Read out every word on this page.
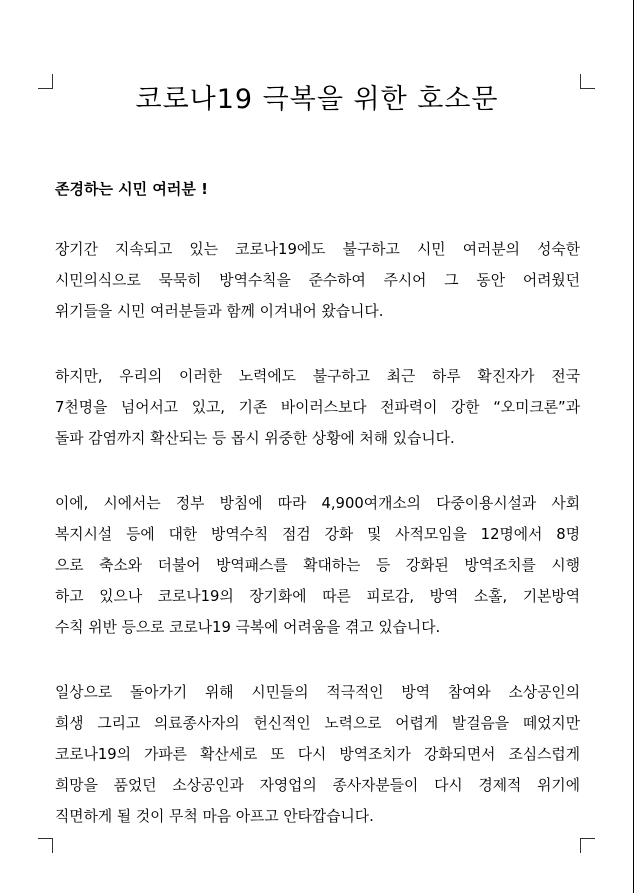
코로나19 극복을 위한 호소문
존경하는 시민 여러분 !
장기간 지속되고 있는 코로나19에도 불구하고 시민 여러분의 성숙한
시민의식으로 묵묵히 방역수칙을 준수하여 주시어 그 동안 어려웠던
위기들을 시민 여러분들과 함께 이겨내어 왔습니다.
하지만, 우리의 이러한 노력에도 불구하고 최근 하루 확진자가 전국
7천명을 넘어서고 있고, 기존 바이러스보다 전파력이 강한 “오미크론”과
돌파 감염까지 확산되는 등 몹시 위중한 상황에 처해 있습니다.
이에, 시에서는 정부 방침에 따라 4,900여개소의 다중이용시설과 사회
복지시설 등에 대한 방역수칙 점검 강화 및 사적모임을 12명에서 8명
으로 축소와 더불어 방역패스를 확대하는 등 강화된 방역조치를 시행
하고 있으나 코로나19의 장기화에 따른 피로감, 방역 소홀, 기본방역
수칙 위반 등으로 코로나19 극복에 어려움을 겪고 있습니다.
일상으로 돌아가기 위해 시민들의 적극적인 방역 참여와 소상공인의
희생 그리고 의료종사자의 헌신적인 노력으로 어렵게 발걸음을 떼었지만
코로나19의 가파른 확산세로 또 다시 방역조치가 강화되면서 조심스럽게
희망을 품었던 소상공인과 자영업의 종사자분들이 다시 경제적 위기에
직면하게 될 것이 무척 마음 아프고 안타깝습니다.
